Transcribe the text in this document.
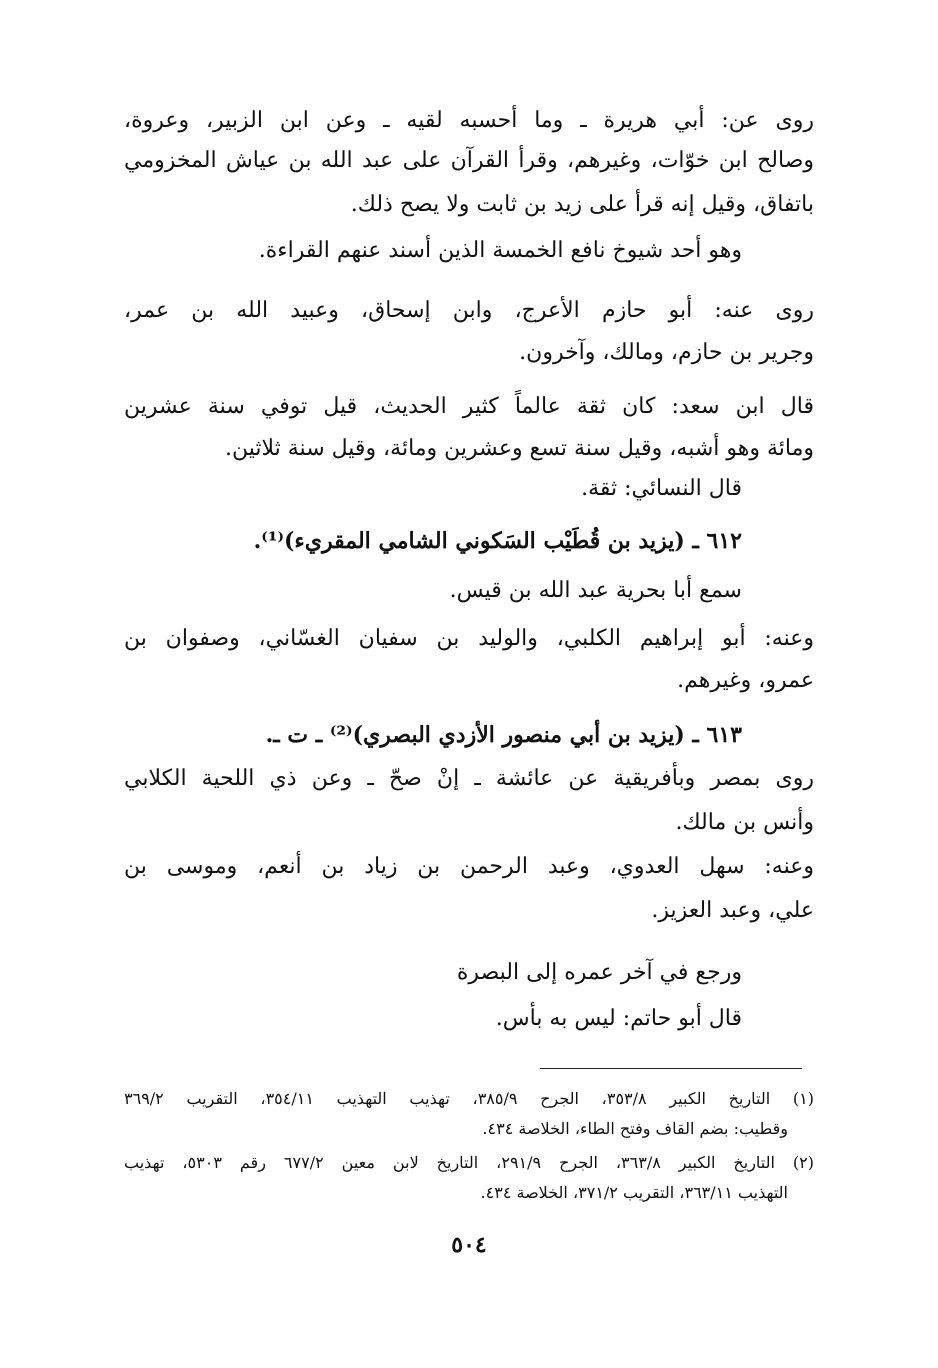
روى عن: أبي هريرة ـ وما أحسبه لقيه ـ وعن ابن الزبير، وعروة،
وصالح ابن خوّات، وغيرهم، وقرأ القرآن على عبد الله بن عياش المخزومي
باتفاق، وقيل إنه قرأ على زيد بن ثابت ولا يصح ذلك.
وهو أحد شيوخ نافع الخمسة الذين أسند عنهم القراءة.
روى عنه: أبو حازم الأعرج، وابن إسحاق، وعبيد الله بن عمر،
وجرير بن حازم، ومالك، وآخرون.
قال ابن سعد: كان ثقة عالماً كثير الحديث، قيل توفي سنة عشرين
ومائة وهو أشبه، وقيل سنة تسع وعشرين ومائة، وقيل سنة ثلاثين.
قال النسائي: ثقة.
٦١٢ ـ (يزيد بن قُطَيْب السَكوني الشامي المقريء)⁽¹⁾.
سمع أبا بحرية عبد الله بن قيس.
وعنه: أبو إبراهيم الكلبي، والوليد بن سفيان الغسّاني، وصفوان بن
عمرو، وغيرهم.
٦١٣ ـ (يزيد بن أبي منصور الأزدي البصري)⁽²⁾ ـ ت ـ.
روى بمصر وبأفريقية عن عائشة ـ إنْ صحّ ـ وعن ذي اللحية الكلابي
وأنس بن مالك.
وعنه: سهل العدوي، وعبد الرحمن بن زياد بن أنعم، وموسى بن
علي، وعبد العزيز.
ورجع في آخر عمره إلى البصرة
قال أبو حاتم: ليس به بأس.
(١) التاريخ الكبير ٣٥٣/٨، الجرح ٣٨٥/٩، تهذيب التهذيب ٣٥٤/١١، التقريب ٣٦٩/٢
وقطيب: بضم القاف وفتح الطاء، الخلاصة ٤٣٤.
(٢) التاريخ الكبير ٣٦٣/٨، الجرح ٢٩١/٩، التاريخ لابن معين ٦٧٧/٢ رقم ٥٣٠٣، تهذيب
التهذيب ٣٦٣/١١، التقريب ٣٧١/٢، الخلاصة ٤٣٤.
٥٠٤
